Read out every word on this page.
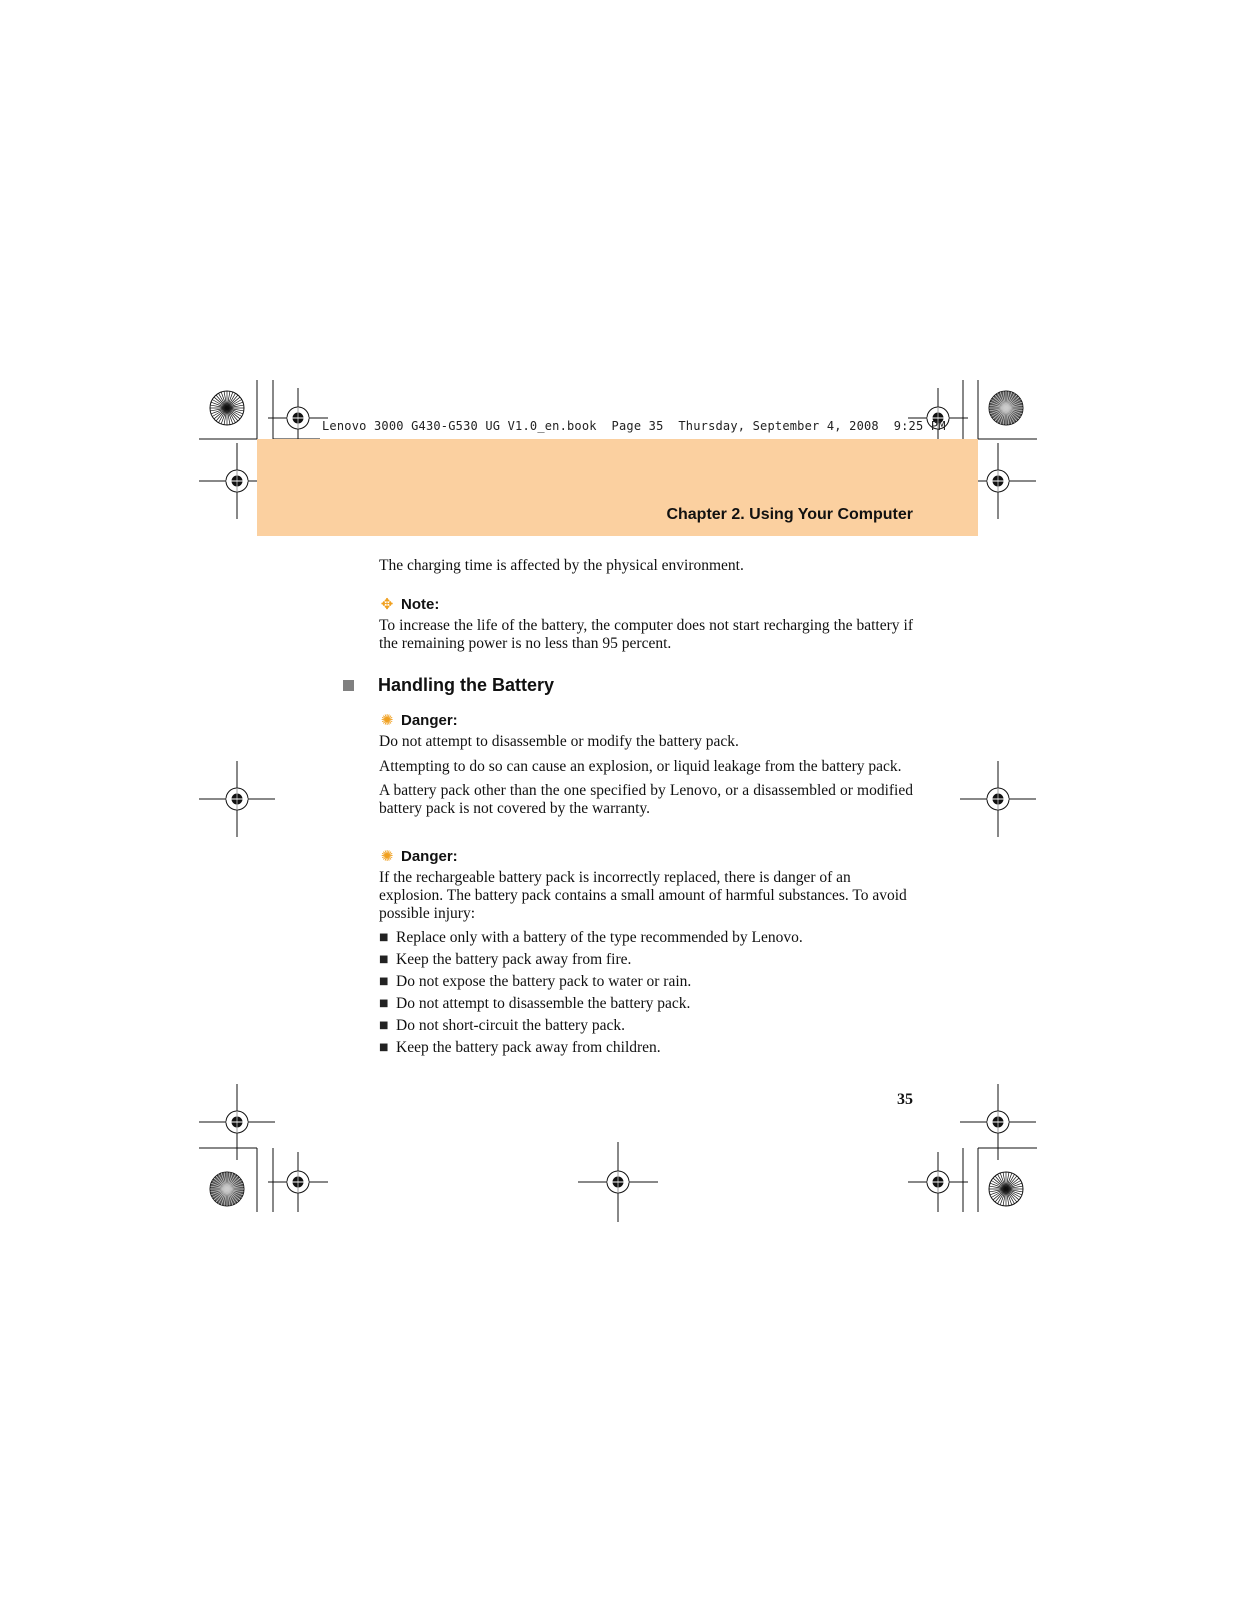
Lenovo 3000 G430-G530 UG V1.0_en.book  Page 35  Thursday, September 4, 2008  9:25 PM
Chapter 2. Using Your Computer

The charging time is affected by the physical environment.

✥ Note:

To increase the life of the battery, the computer does not start recharging the battery if the remaining power is no less than 95 percent.

Handling the Battery
✺ Danger:

Do not attempt to disassemble or modify the battery pack.

Attempting to do so can cause an explosion, or liquid leakage from the battery pack.

A battery pack other than the one specified by Lenovo, or a disassembled or modified battery pack is not covered by the warranty.

✺ Danger:

If the rechargeable battery pack is incorrectly replaced, there is danger of an explosion. The battery pack contains a small amount of harmful substances. To avoid possible injury:

■ Replace only with a battery of the type recommended by Lenovo.
■ Keep the battery pack away from fire.
■ Do not expose the battery pack to water or rain.
■ Do not attempt to disassemble the battery pack.
■ Do not short-circuit the battery pack.
■ Keep the battery pack away from children.
35
